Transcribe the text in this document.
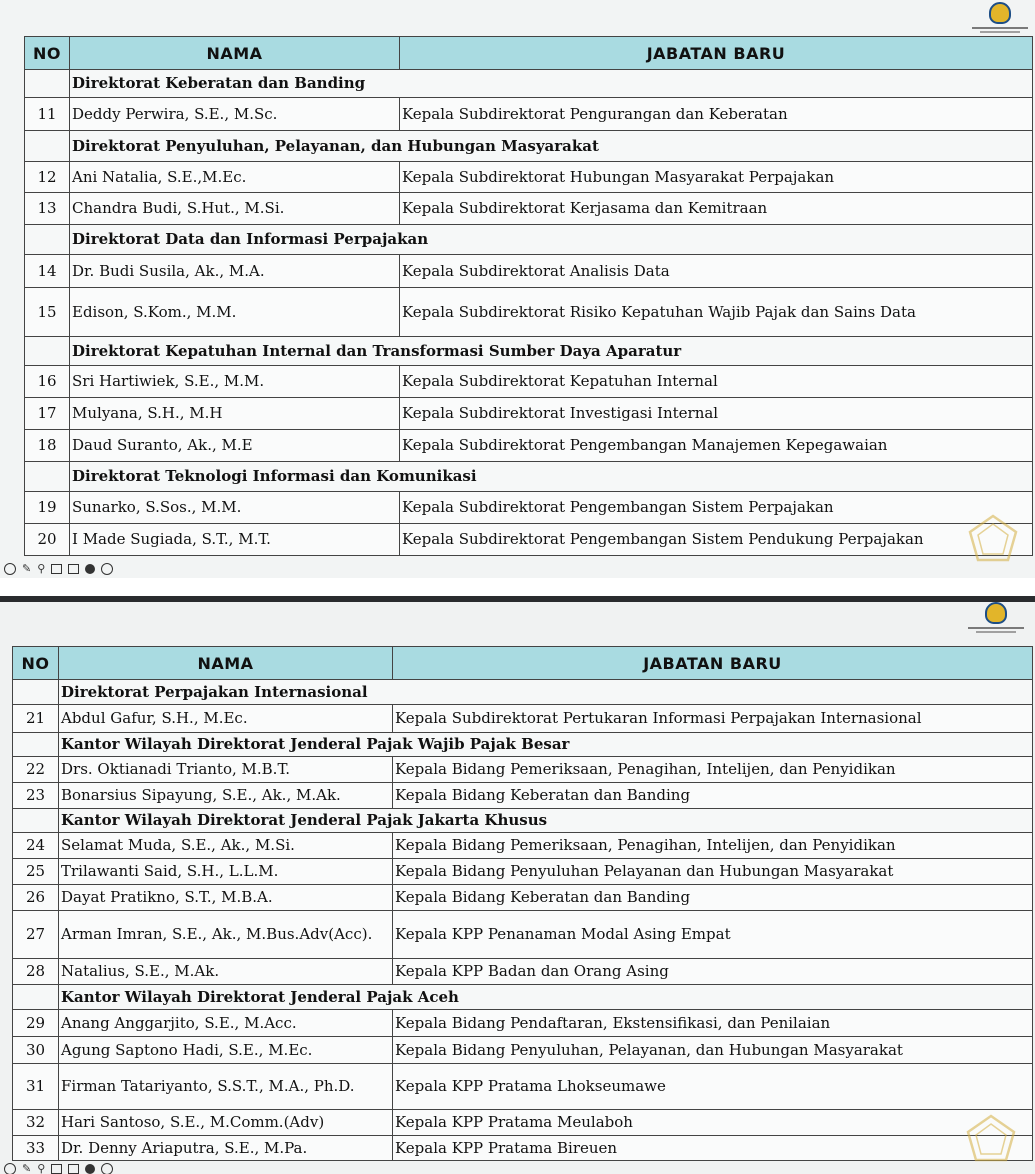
NO	NAMA	JABATAN BARU
	Direktorat Keberatan dan Banding	
11	Deddy Perwira, S.E., M.Sc.	Kepala Subdirektorat Pengurangan dan Keberatan
	Direktorat Penyuluhan, Pelayanan, dan Hubungan Masyarakat	
12	Ani Natalia, S.E.,M.Ec.	Kepala Subdirektorat Hubungan Masyarakat Perpajakan
13	Chandra Budi, S.Hut., M.Si.	Kepala Subdirektorat Kerjasama dan Kemitraan
	Direktorat Data dan Informasi Perpajakan	
14	Dr. Budi Susila, Ak., M.A.	Kepala Subdirektorat Analisis Data
15	Edison, S.Kom., M.M.	Kepala Subdirektorat Risiko Kepatuhan Wajib Pajak dan Sains Data
	Direktorat Kepatuhan Internal dan Transformasi Sumber Daya Aparatur	
16	Sri Hartiwiek, S.E., M.M.	Kepala Subdirektorat Kepatuhan Internal
17	Mulyana, S.H., M.H	Kepala Subdirektorat Investigasi Internal
18	Daud Suranto, Ak., M.E	Kepala Subdirektorat Pengembangan Manajemen Kepegawaian
	Direktorat Teknologi Informasi dan Komunikasi	
19	Sunarko, S.Sos., M.M.	Kepala Subdirektorat Pengembangan Sistem Perpajakan
20	I Made Sugiada, S.T., M.T.	Kepala Subdirektorat Pengembangan Sistem Pendukung Perpajakan
✎ ⚲
NO	NAMA	JABATAN BARU
	Direktorat Perpajakan Internasional	
21	Abdul Gafur, S.H., M.Ec.	Kepala Subdirektorat Pertukaran Informasi Perpajakan Internasional
	Kantor Wilayah Direktorat Jenderal Pajak Wajib Pajak Besar	
22	Drs. Oktianadi Trianto, M.B.T.	Kepala Bidang Pemeriksaan, Penagihan, Intelijen, dan Penyidikan
23	Bonarsius Sipayung, S.E., Ak., M.Ak.	Kepala Bidang Keberatan dan Banding
	Kantor Wilayah Direktorat Jenderal Pajak Jakarta Khusus	
24	Selamat Muda, S.E., Ak., M.Si.	Kepala Bidang Pemeriksaan, Penagihan, Intelijen, dan Penyidikan
25	Trilawanti Said, S.H., L.L.M.	Kepala Bidang Penyuluhan Pelayanan dan Hubungan Masyarakat
26	Dayat Pratikno, S.T., M.B.A.	Kepala Bidang Keberatan dan Banding
27	Arman Imran, S.E., Ak., M.Bus.Adv(Acc).	Kepala KPP Penanaman Modal Asing Empat
28	Natalius, S.E., M.Ak.	Kepala KPP Badan dan Orang Asing
	Kantor Wilayah Direktorat Jenderal Pajak Aceh	
29	Anang Anggarjito, S.E., M.Acc.	Kepala Bidang Pendaftaran, Ekstensifikasi, dan Penilaian
30	Agung Saptono Hadi, S.E., M.Ec.	Kepala Bidang Penyuluhan, Pelayanan, dan Hubungan Masyarakat
31	Firman Tatariyanto, S.S.T., M.A., Ph.D.	Kepala KPP Pratama Lhokseumawe
32	Hari Santoso, S.E., M.Comm.(Adv)	Kepala KPP Pratama Meulaboh
33	Dr. Denny Ariaputra, S.E., M.Pa.	Kepala KPP Pratama Bireuen
✎ ⚲
